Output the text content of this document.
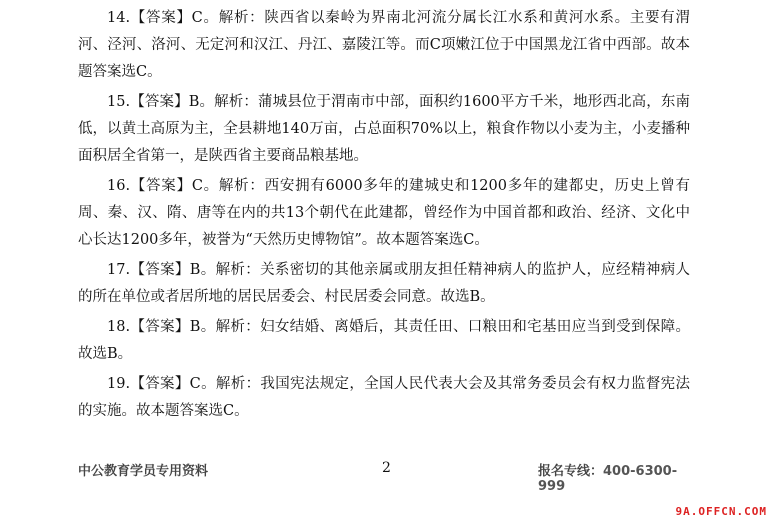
14.【答案】C。解析：陕西省以秦岭为界南北河流分属长江水系和黄河水系。主要有渭河、泾河、洛河、无定河和汉江、丹江、嘉陵江等。而C项嫩江位于中国黑龙江省中西部。故本题答案选C。

15.【答案】B。解析：蒲城县位于渭南市中部，面积约1600平方千米，地形西北高，东南低，以黄土高原为主，全县耕地140万亩，占总面积70%以上，粮食作物以小麦为主，小麦播种面积居全省第一，是陕西省主要商品粮基地。

16.【答案】C。解析：西安拥有6000多年的建城史和1200多年的建都史，历史上曾有周、秦、汉、隋、唐等在内的共13个朝代在此建都，曾经作为中国首都和政治、经济、文化中心长达1200多年，被誉为“天然历史博物馆”。故本题答案选C。

17.【答案】B。解析：关系密切的其他亲属或朋友担任精神病人的监护人，应经精神病人的所在单位或者居所地的居民居委会、村民居委会同意。故选B。

18.【答案】B。解析：妇女结婚、离婚后，其责任田、口粮田和宅基田应当到受到保障。故选B。

19.【答案】C。解析：我国宪法规定，全国人民代表大会及其常务委员会有权力监督宪法的实施。故本题答案选C。

中公教育学员专用资料	2	报名专线：400-6300-999
9A.OFFCN.COM
